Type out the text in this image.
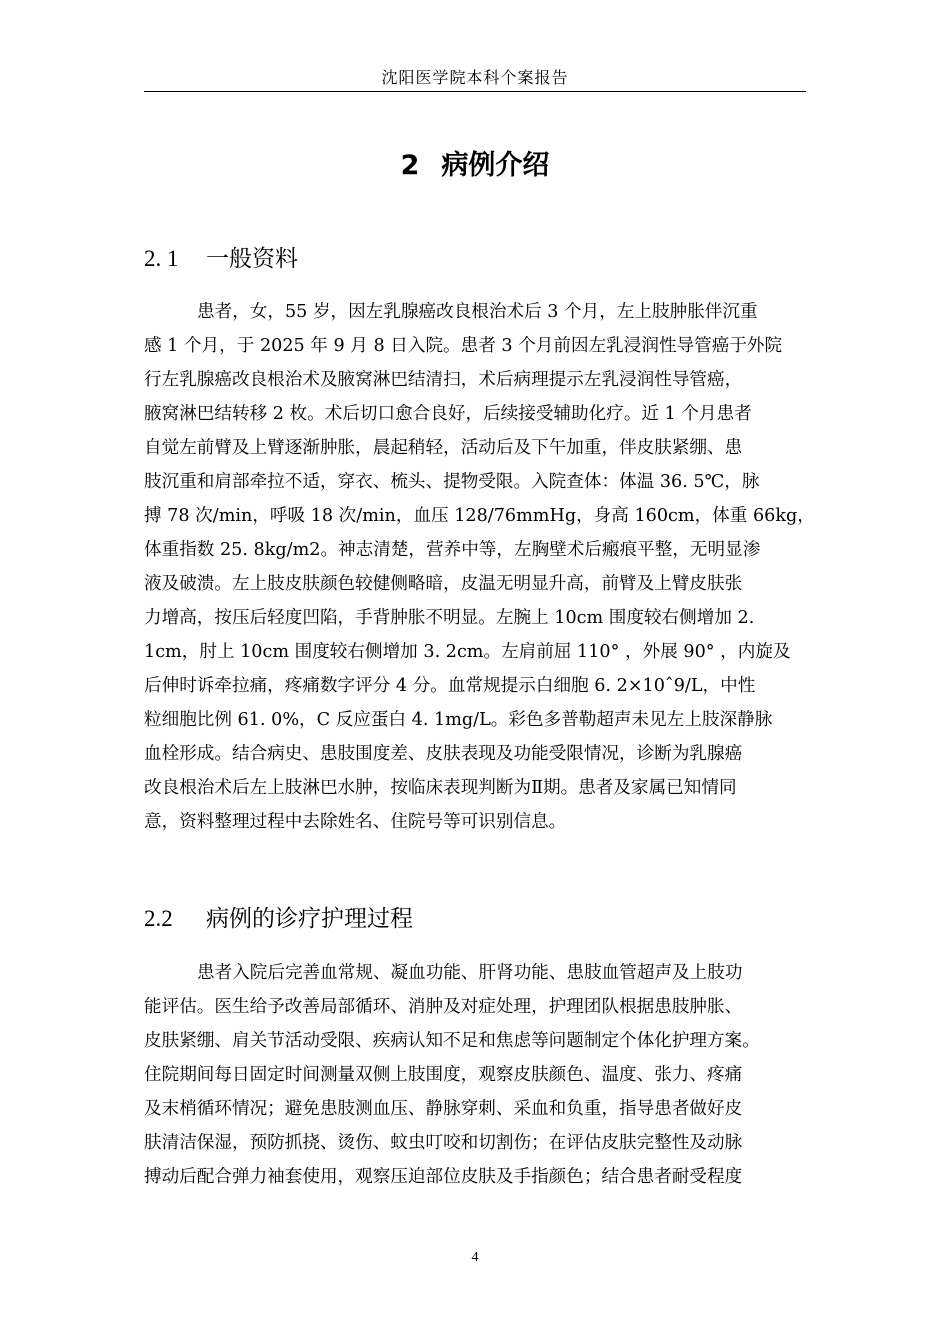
沈阳医学院本科个案报告
2 病例介绍
2. 1 一般资料

患者，女，55 岁，因左乳腺癌改良根治术后 3 个月，左上肢肿胀伴沉重
感 1 个月，于 2025 年 9 月 8 日入院。患者 3 个月前因左乳浸润性导管癌于外院
行左乳腺癌改良根治术及腋窝淋巴结清扫，术后病理提示左乳浸润性导管癌，
腋窝淋巴结转移 2 枚。术后切口愈合良好，后续接受辅助化疗。近 1 个月患者
自觉左前臂及上臂逐渐肿胀，晨起稍轻，活动后及下午加重，伴皮肤紧绷、患
肢沉重和肩部牵拉不适，穿衣、梳头、提物受限。入院查体：体温 36. 5℃，脉
搏 78 次/min，呼吸 18 次/min，血压 128/76mmHg，身高 160cm，体重 66kg，
体重指数 25. 8kg/m2。神志清楚，营养中等，左胸壁术后瘢痕平整，无明显渗
液及破溃。左上肢皮肤颜色较健侧略暗，皮温无明显升高，前臂及上臂皮肤张
力增高，按压后轻度凹陷，手背肿胀不明显。左腕上 10cm 围度较右侧增加 2.
1cm，肘上 10cm 围度较右侧增加 3. 2cm。左肩前屈 110° ，外展 90° ，内旋及
后伸时诉牵拉痛，疼痛数字评分 4 分。血常规提示白细胞 6. 2×10ˆ9/L，中性
粒细胞比例 61. 0%，C 反应蛋白 4. 1mg/L。彩色多普勒超声未见左上肢深静脉
血栓形成。结合病史、患肢围度差、皮肤表现及功能受限情况，诊断为乳腺癌
改良根治术后左上肢淋巴水肿，按临床表现判断为Ⅱ期。患者及家属已知情同
意，资料整理过程中去除姓名、住院号等可识别信息。

2.2 病例的诊疗护理过程

患者入院后完善血常规、凝血功能、肝肾功能、患肢血管超声及上肢功
能评估。医生给予改善局部循环、消肿及对症处理，护理团队根据患肢肿胀、
皮肤紧绷、肩关节活动受限、疾病认知不足和焦虑等问题制定个体化护理方案。
住院期间每日固定时间测量双侧上肢围度，观察皮肤颜色、温度、张力、疼痛
及末梢循环情况；避免患肢测血压、静脉穿刺、采血和负重，指导患者做好皮
肤清洁保湿，预防抓挠、烫伤、蚊虫叮咬和切割伤；在评估皮肤完整性及动脉
搏动后配合弹力袖套使用，观察压迫部位皮肤及手指颜色；结合患者耐受程度

4
